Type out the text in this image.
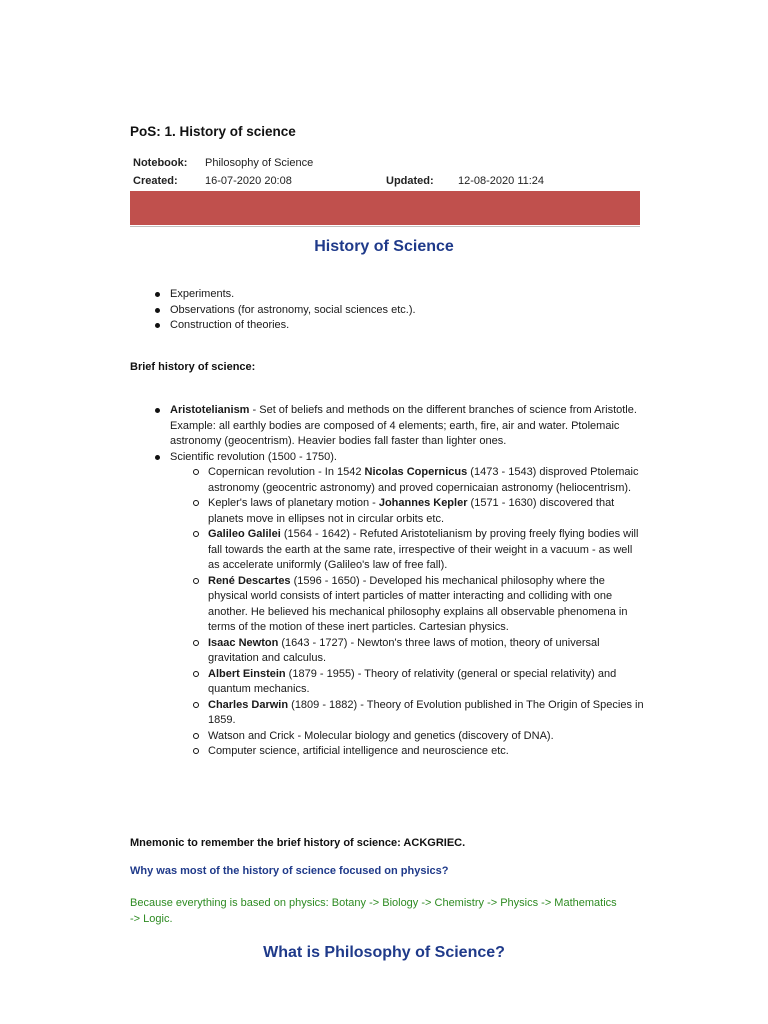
PoS: 1. History of science
Notebook: Philosophy of Science
Created: 16-07-2020 20:08	Updated: 12-08-2020 11:24
History of Science
Experiments.
Observations (for astronomy, social sciences etc.).
Construction of theories.
Brief history of science:
Aristotelianism - Set of beliefs and methods on the different branches of science from Aristotle. Example: all earthly bodies are composed of 4 elements; earth, fire, air and water. Ptolemaic astronomy (geocentrism). Heavier bodies fall faster than lighter ones.
Scientific revolution (1500 - 1750).
Copernican revolution - In 1542 Nicolas Copernicus (1473 - 1543) disproved Ptolemaic astronomy (geocentric astronomy) and proved copernicaian astronomy (heliocentrism).
Kepler's laws of planetary motion - Johannes Kepler (1571 - 1630) discovered that planets move in ellipses not in circular orbits etc.
Galileo Galilei (1564 - 1642) - Refuted Aristotelianism by proving freely flying bodies will fall towards the earth at the same rate, irrespective of their weight in a vacuum - as well as accelerate uniformly (Galileo's law of free fall).
René Descartes (1596 - 1650) - Developed his mechanical philosophy where the physical world consists of intert particles of matter interacting and colliding with one another. He believed his mechanical philosophy explains all observable phenomena in terms of the motion of these inert particles. Cartesian physics.
Isaac Newton (1643 - 1727) - Newton's three laws of motion, theory of universal gravitation and calculus.
Albert Einstein (1879 - 1955) - Theory of relativity (general or special relativity) and quantum mechanics.
Charles Darwin (1809 - 1882) - Theory of Evolution published in The Origin of Species in 1859.
Watson and Crick - Molecular biology and genetics (discovery of DNA).
Computer science, artificial intelligence and neuroscience etc.
Mnemonic to remember the brief history of science: ACKGRIEC.
Why was most of the history of science focused on physics?
Because everything is based on physics: Botany -> Biology -> Chemistry -> Physics -> Mathematics -> Logic.
What is Philosophy of Science?
